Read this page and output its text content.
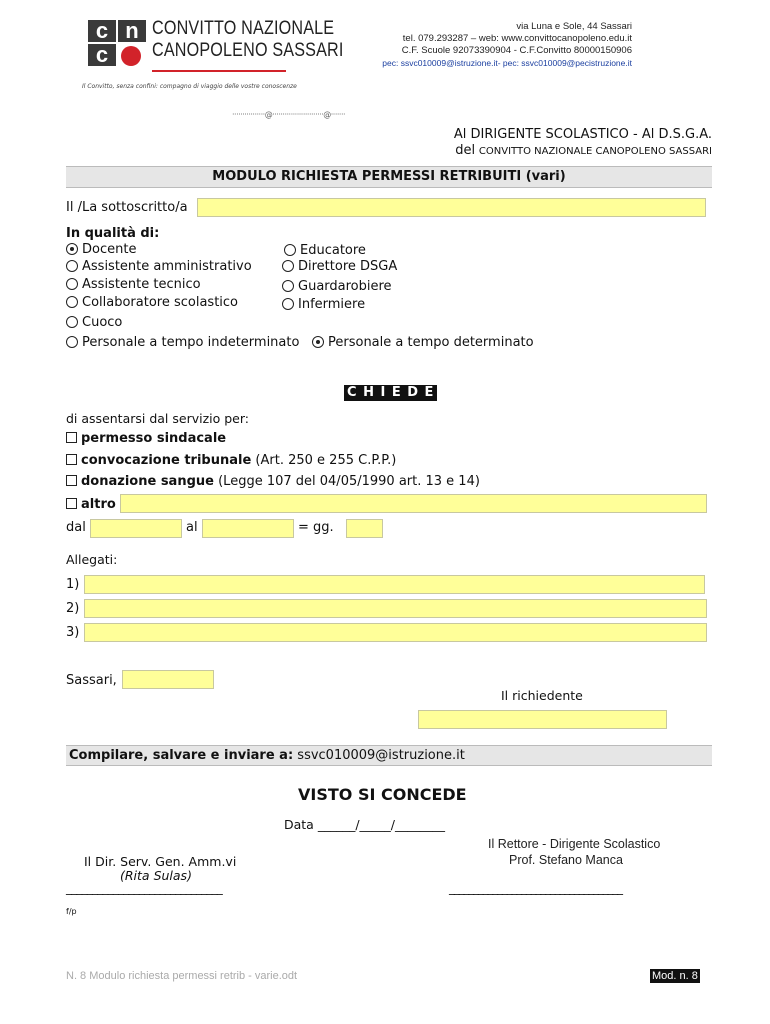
c n
c
CONVITTO NAZIONALE
CANOPOLENO SASSARI
Il Convitto, senza confini: compagno di viaggio delle vostre conoscenze
via Luna e Sole, 44 Sassari
tel. 079.293287 – web: www.convittocanopoleno.edu.it
C.F. Scuole 92073390904 - C.F.Convitto 80000150906
pec: ssvc010009@istruzione.it- pec: ssvc010009@pecistruzione.it
················@·························@·······
Al DIRIGENTE SCOLASTICO - Al D.S.G.A.
del CONVITTO NAZIONALE CANOPOLENO SASSARI
MODULO RICHIESTA PERMESSI RETRIBUITI (vari)
Il /La sottoscritto/a
In qualità di:
Docente	Educatore
Assistente amministrativo	Direttore DSGA
Assistente tecnico	Guardarobiere
Collaboratore scolastico	Infermiere
Cuoco
Personale a tempo indeterminato	Personale a tempo determinato
C H I E D E
di assentarsi dal servizio per:
permesso sindacale
convocazione tribunale (Art. 250 e 255 C.P.P.)
donazione sangue (Legge 107 del 04/05/1990 art. 13 e 14)
altro
dal	al	= gg.
Allegati:
1)
2)
3)
Sassari,
Il richiedente
Compilare, salvare e inviare a: ssvc010009@istruzione.it
VISTO SI CONCEDE
Data ______/_____/________
Il Rettore - Dirigente Scolastico
Prof. Stefano Manca
Il Dir. Serv. Gen. Amm.vi
(Rita Sulas)
______________________________	____________________________________
f/p
N. 8 Modulo richiesta permessi retrib - varie.odt	Mod. n. 8
